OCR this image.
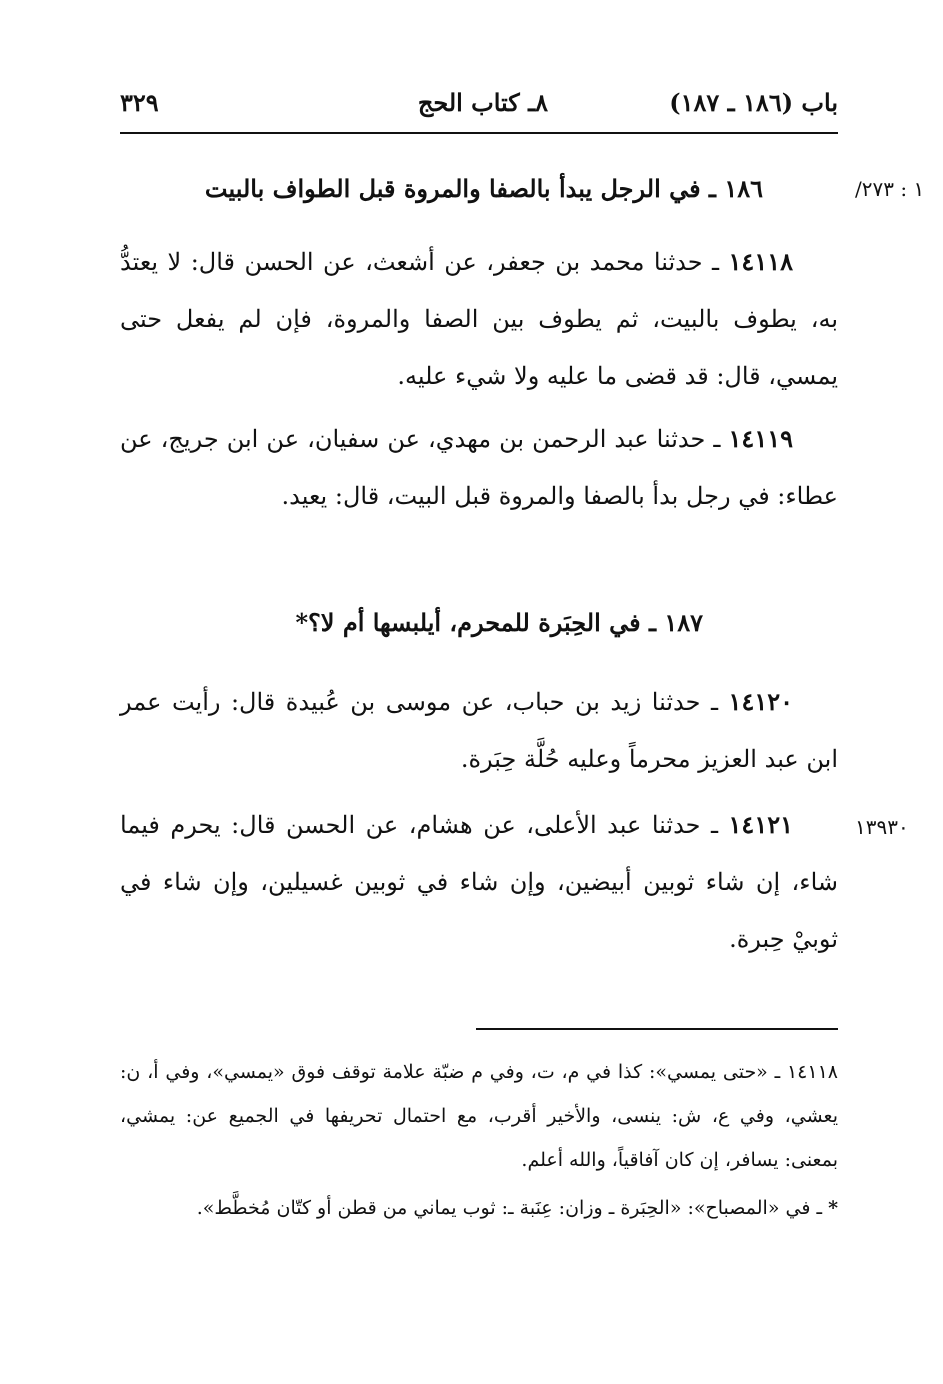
باب (١٨٦ ـ ١٨٧)
٨ـ كتاب الحج
٣٢٩
/١ : ٢٧٣
١٨٦ ـ في الرجل يبدأ بالصفا والمروة قبل الطواف بالبيت
١٤١١٨ ـ حدثنا محمد بن جعفر، عن أشعث، عن الحسن قال: لا يعتدُّ به، يطوف بالبيت، ثم يطوف بين الصفا والمروة، فإن لم يفعل حتى يمسي، قال: قد قضى ما عليه ولا شيء عليه.
١٤١١٩ ـ حدثنا عبد الرحمن بن مهدي، عن سفيان، عن ابن جريج، عن عطاء: في رجل بدأ بالصفا والمروة قبل البيت، قال: يعيد.
١٨٧ ـ في الحِبَرة للمحرم، أيلبسها أم لا؟*
١٤١٢٠ ـ حدثنا زيد بن حباب، عن موسى بن عُبيدة قال: رأيت عمر ابن عبد العزيز محرماً وعليه حُلَّة حِبَرة.
١٣٩٣٠
١٤١٢١ ـ حدثنا عبد الأعلى، عن هشام، عن الحسن قال: يحرم فيما شاء، إن شاء ثوبين أبيضين، وإن شاء في ثوبين غسيلين، وإن شاء في ثوبيْ حِبرة.
١٤١١٨ ـ «حتى يمسي»: كذا في م، ت، وفي م ضبّة علامة توقف فوق «يمسي»، وفي أ، ن: يعشي، وفي ع، ش: ينسى، والأخير أقرب، مع احتمال تحريفها في الجميع عن: يمشي، بمعنى: يسافر، إن كان آفاقياً، والله أعلم.
* ـ في «المصباح»: «الحِبَرة ـ وزان: عِنَبة ـ: ثوب يماني من قطن أو كتّان مُخطَّط».
